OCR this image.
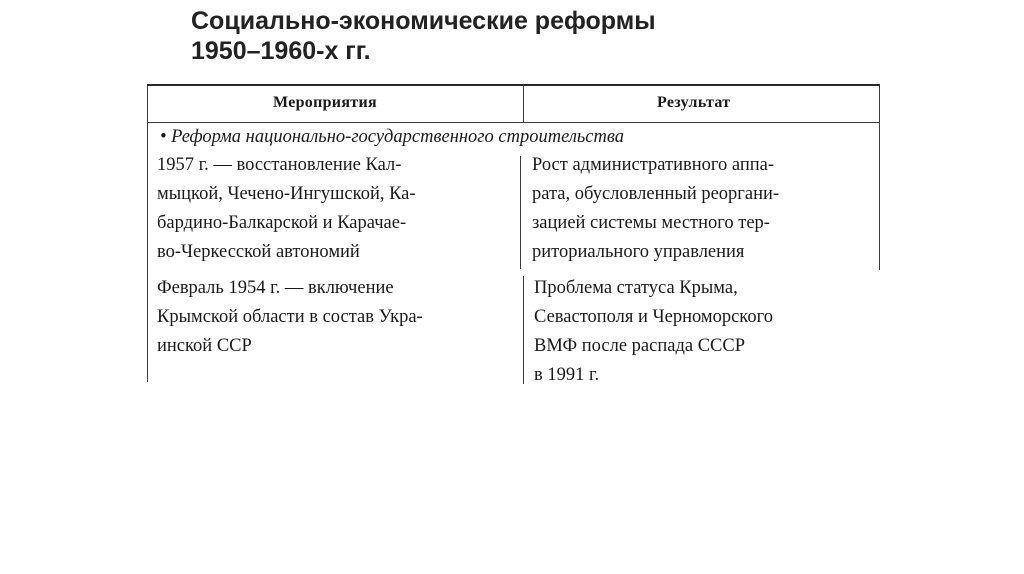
Социально-экономические реформы
1950–1960-х гг.
Мероприятия	Результат
• Реформа национально-государственного строительства
1957 г. — восстановление Кал-
мыцкой, Чечено-Ингушской, Ка-
бардино-Балкарской и Карачае-
во-Черкесской автономий
Рост административного аппа-
рата, обусловленный реоргани-
зацией системы местного тер-
риториального управления
Февраль 1954 г. — включение
Крымской области в состав Укра-
инской ССР
Проблема статуса Крыма,
Севастополя и Черноморского
ВМФ после распада СССР
в 1991 г.
